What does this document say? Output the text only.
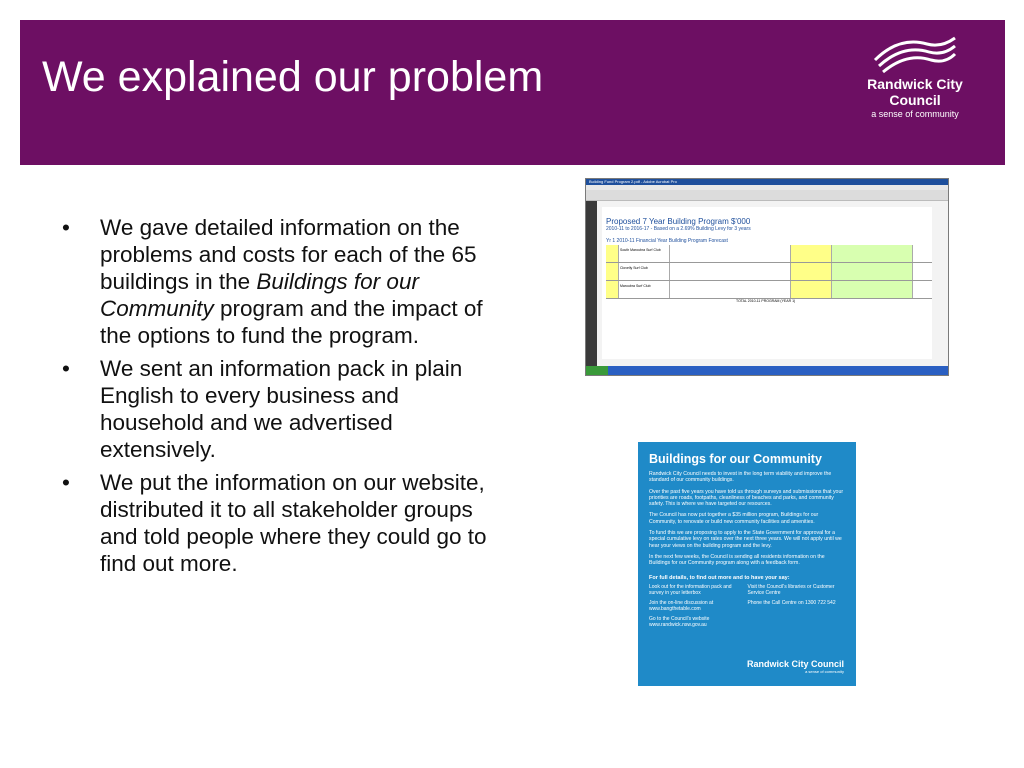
We explained our problem	Randwick City
Council
a sense of community
• We gave detailed information on the problems and costs for each of the 65 buildings in the Buildings for our Community program and the impact of the options to fund the program.
• We sent an information pack in plain English to every business and household and we advertised extensively.
• We put the information on our website, distributed it to all stakeholder groups and told people where they could go to find out more.
Building Fund Program 2.pdf - Adobe Acrobat Pro
Proposed 7 Year Building Program $'000
2010-11 to 2016-17 - Based on a 2.69% Building Levy for 3 years
Yr 1 2010-11 Financial Year Building Program Forecast
South Maroubra Surf Club
Clovelly Surf Club
Maroubra Surf Club
TOTAL 2010-11 PROGRAM (YEAR 1)
Buildings for our Community
Randwick City Council needs to invest in the long term viability and improve the standard of our community buildings.
Over the past five years you have told us through surveys and submissions that your priorities are roads, footpaths, cleanliness of beaches and parks, and community safety. This is where we have targeted our resources.
The Council has now put together a $35 million program, Buildings for our Community, to renovate or build new community facilities and amenities.
To fund this we are proposing to apply to the State Government for approval for a special cumulative levy on rates over the next three years. We will not apply until we hear your views on the building program and the levy.
In the next few weeks, the Council is sending all residents information on the Buildings for our Community program along with a feedback form.
For full details, to find out more and to have your say:
Look out for the information pack and survey in your letterbox
Join the on-line discussion at www.bangthetable.com
Go to the Council's website www.randwick.nsw.gov.au
Visit the Council's libraries or Customer Service Centre
Phone the Call Centre on 1300 722 542
Randwick City Council
a sense of community
